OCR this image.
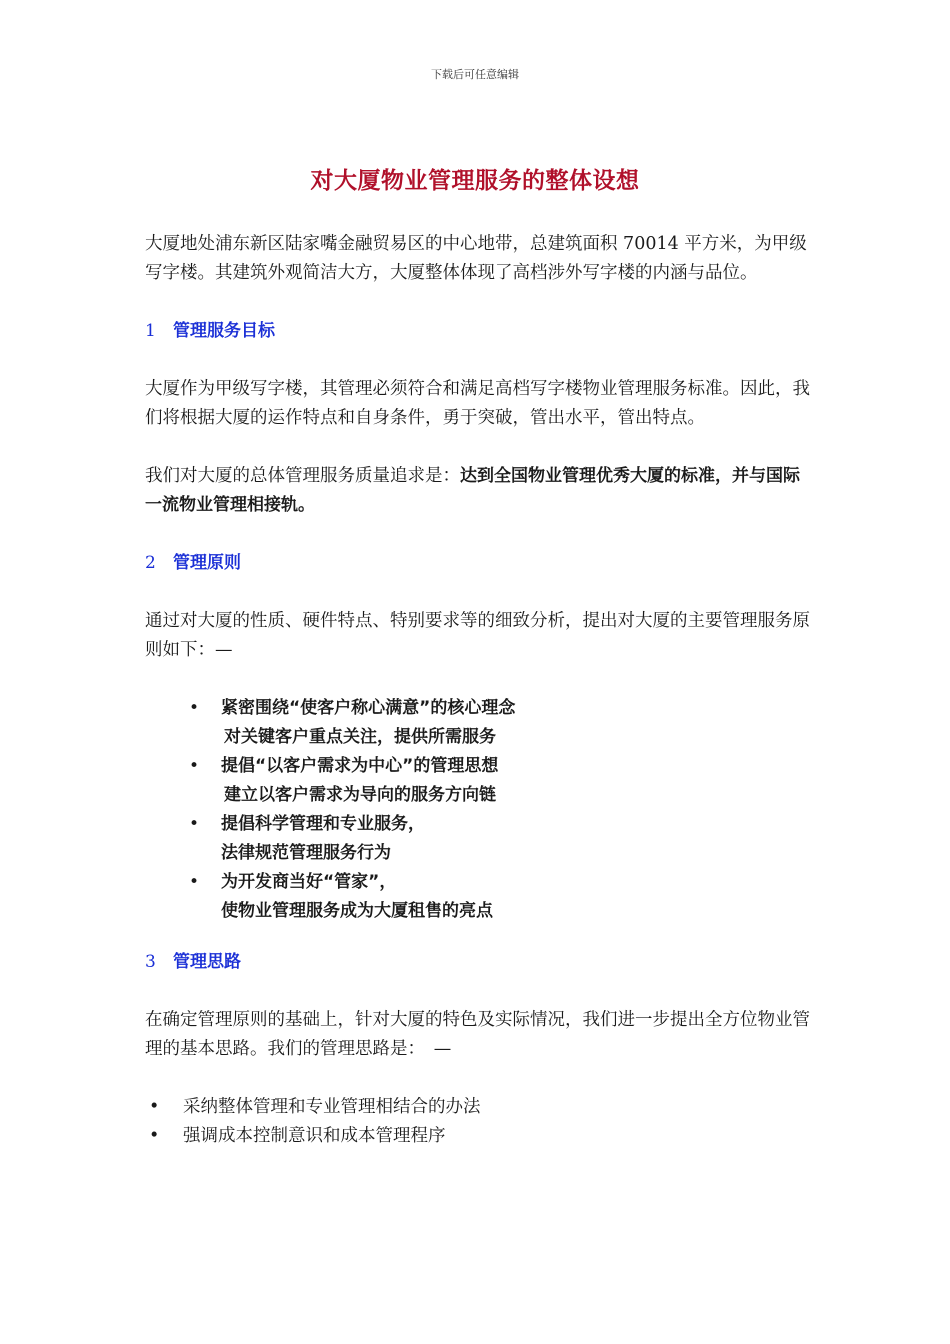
下载后可任意编辑
对大厦物业管理服务的整体设想

大厦地处浦东新区陆家嘴金融贸易区的中心地带，总建筑面积 70014 平方米，为甲级写字楼。其建筑外观简洁大方，大厦整体体现了高档涉外写字楼的内涵与品位。

1 管理服务目标

大厦作为甲级写字楼，其管理必须符合和满足高档写字楼物业管理服务标准。因此，我们将根据大厦的运作特点和自身条件，勇于突破，管出水平，管出特点。

我们对大厦的总体管理服务质量追求是：达到全国物业管理优秀大厦的标准，并与国际一流物业管理相接轨。

2 管理原则

通过对大厦的性质、硬件特点、特别要求等的细致分析，提出对大厦的主要管理服务原则如下：—

• 紧密围绕“使客户称心满意”的核心理念
对关键客户重点关注，提供所需服务
• 提倡“以客户需求为中心”的管理思想
建立以客户需求为导向的服务方向链
• 提倡科学管理和专业服务，
法律规范管理服务行为
• 为开发商当好“管家”，
使物业管理服务成为大厦租售的亮点
3 管理思路

在确定管理原则的基础上，针对大厦的特色及实际情况，我们进一步提出全方位物业管理的基本思路。我们的管理思路是：　—

• 采纳整体管理和专业管理相结合的办法
• 强调成本控制意识和成本管理程序
